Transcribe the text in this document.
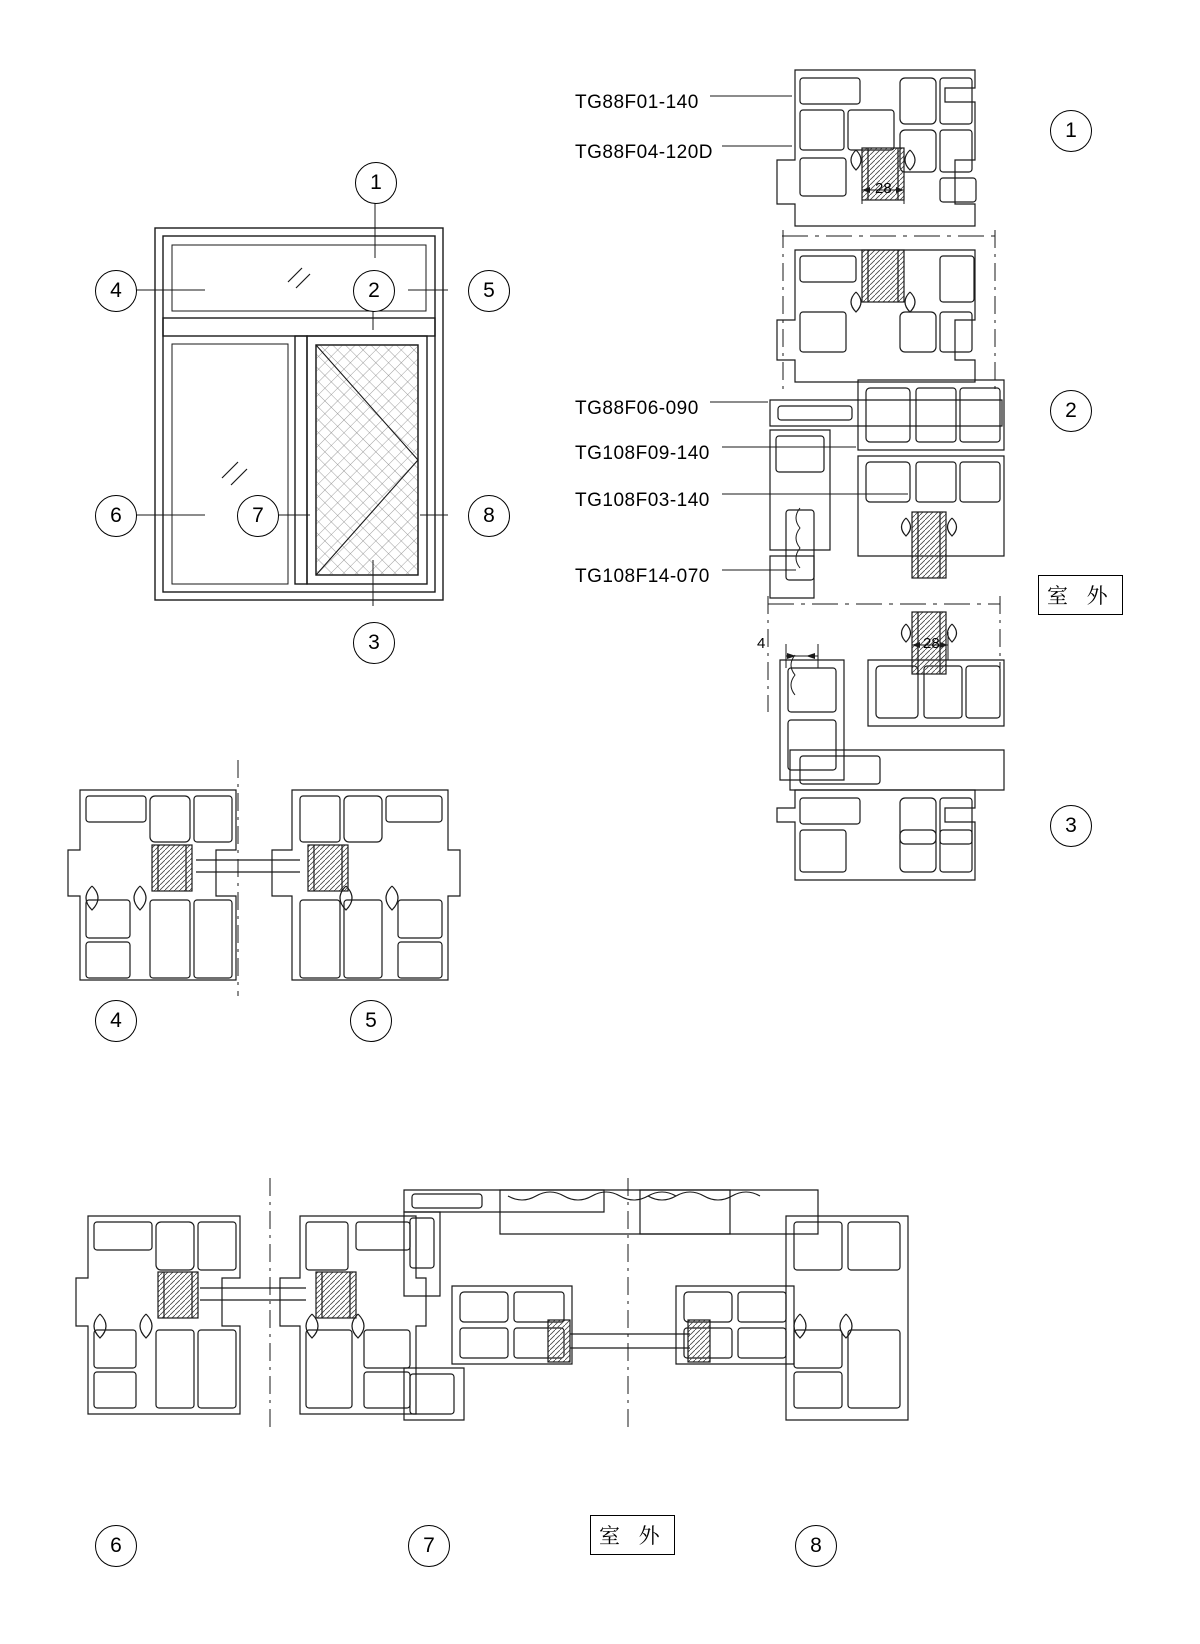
1
2
3
4	5
6	7	8
1
2
3
4	5
6	7	8
TG88F01-140
TG88F04-120D
TG88F06-090
TG108F09-140
TG108F03-140
TG108F14-070
28
28
4
室 外
室 外
